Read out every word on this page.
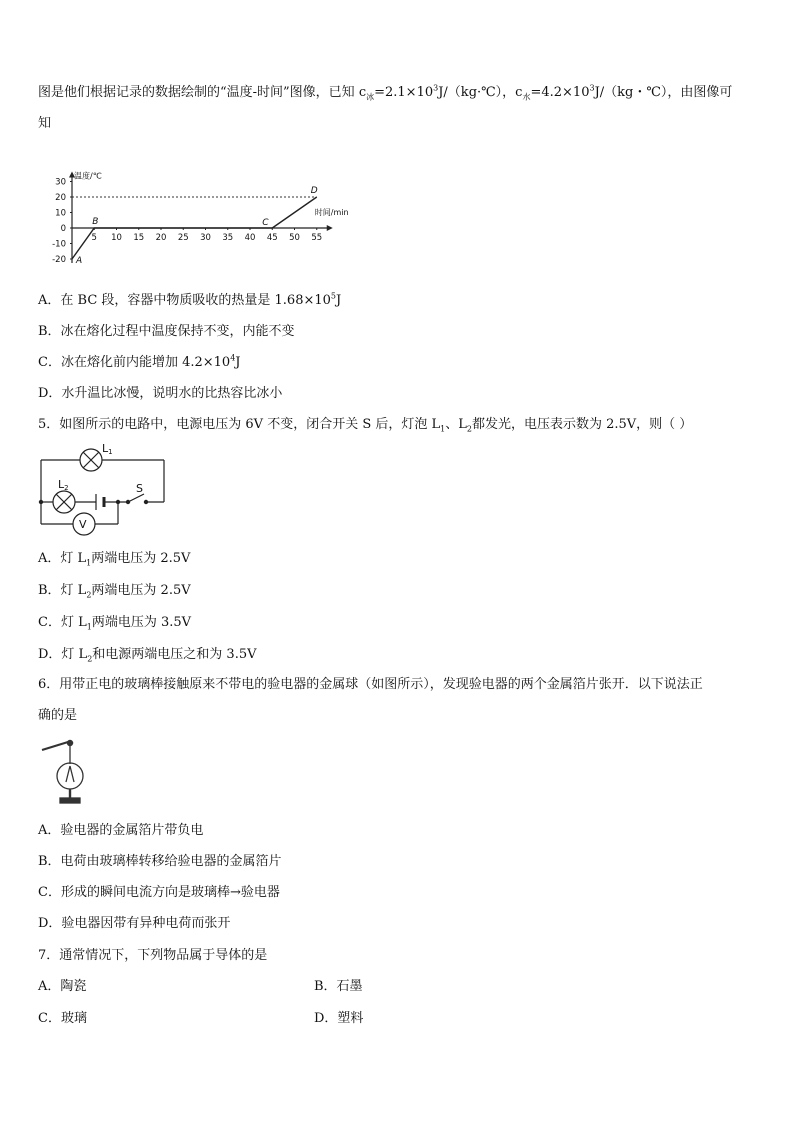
图是他们根据记录的数据绘制的“温度-时间”图像，已知 $c_冰=2.1\times 10^3J/(kg\cdot℃)$，$c_水=4.2\times 10^3J/(kg$・℃），由图像可
知
温度/℃
时间/min
30
20
10
0
-10
-20
5 10 15 20 25 30 35 40 45 50 55
A
B	C
D
A．在 BC 段，容器中物质吸收的热量是 $1.68\times 10^5J$
B．冰在熔化过程中温度保持不变，内能不变
C．冰在熔化前内能增加 $4.2\times 10^4J$
D．水升温比冰慢，说明水的比热容比冰小
5．如图所示的电路中，电源电压为 6V 不变，闭合开关 S 后，灯泡 $L_1$、$L_2$都发光，电压表示数为 2.5V，则（ ）
L1
L2	S
V
A．灯 $L_1$两端电压为 2.5V
B．灯 $L_2$两端电压为 2.5V
C．灯 $L_1$两端电压为 3.5V
D．灯 $L_2$和电源两端电压之和为 3.5V
6．用带正电的玻璃棒接触原来不带电的验电器的金属球（如图所示），发现验电器的两个金属箔片张开．以下说法正
确的是
A．验电器的金属箔片带负电
B．电荷由玻璃棒转移给验电器的金属箔片
C．形成的瞬间电流方向是玻璃棒→验电器
D．验电器因带有异种电荷而张开
7．通常情况下，下列物品属于导体的是
A．陶瓷	B．石墨
C．玻璃	D．塑料
